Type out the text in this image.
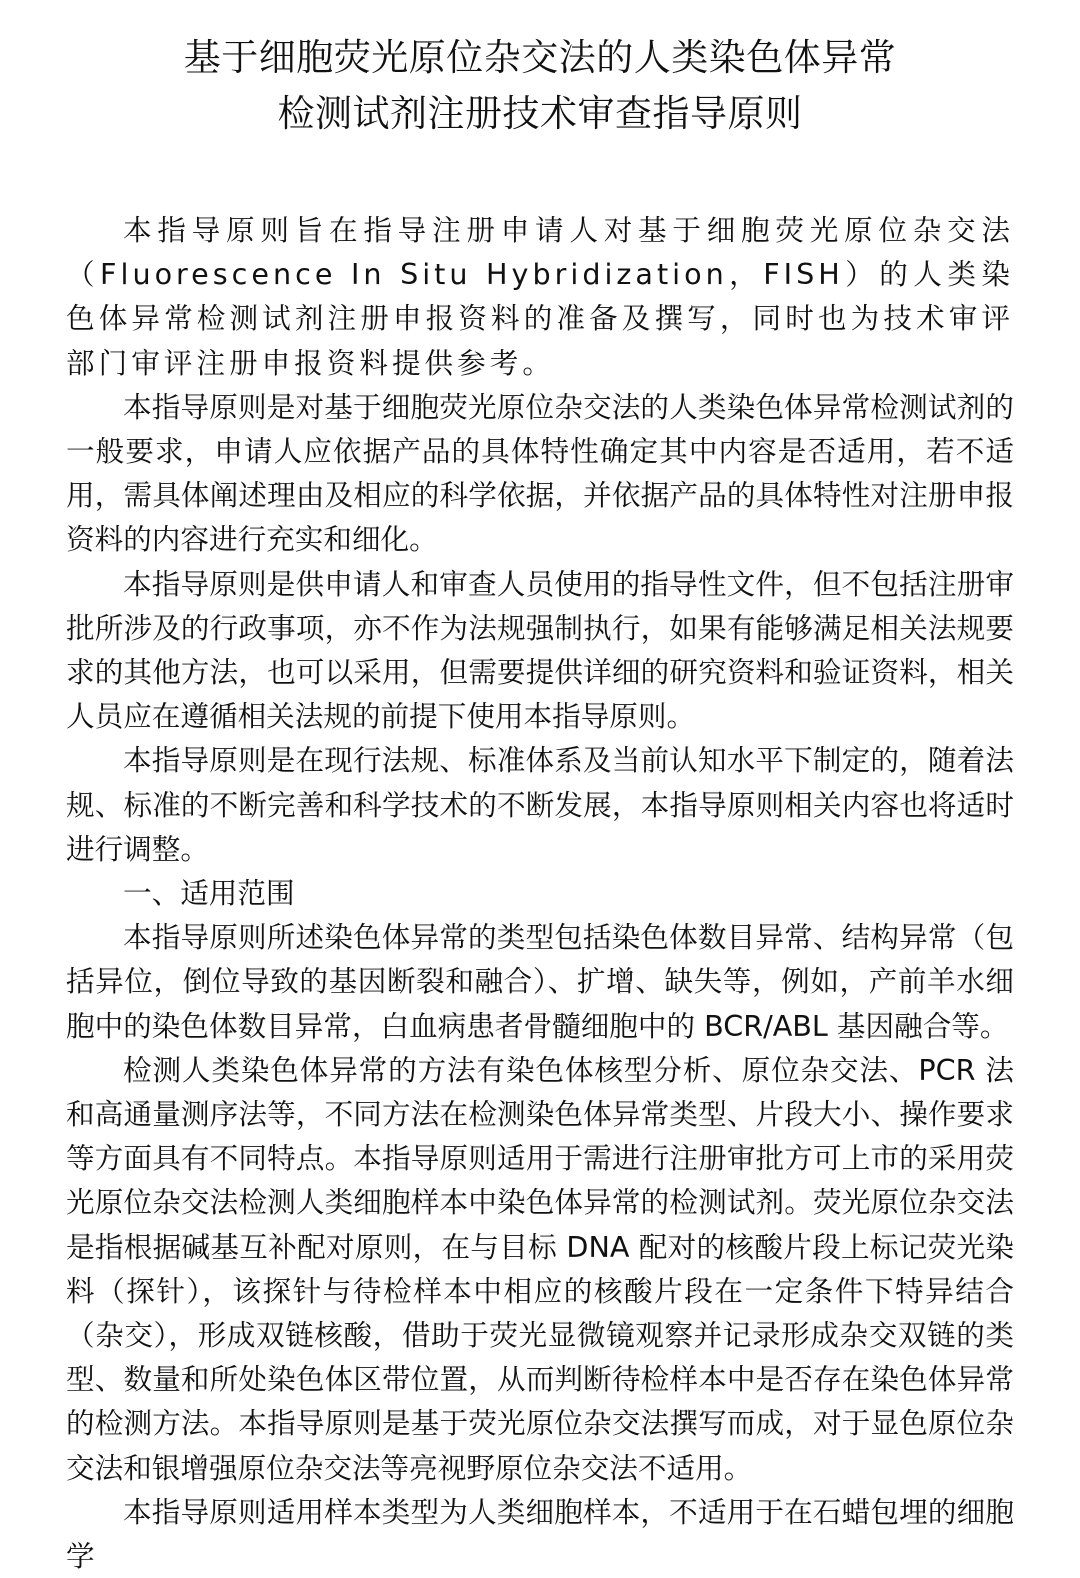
基于细胞荧光原位杂交法的人类染色体异常
检测试剂注册技术审查指导原则

本指导原则旨在指导注册申请人对基于细胞荧光原位杂交法（Fluorescence In Situ Hybridization，FISH）的人类染色体异常检测试剂注册申报资料的准备及撰写，同时也为技术审评部门审评注册申报资料提供参考。

本指导原则是对基于细胞荧光原位杂交法的人类染色体异常检测试剂的一般要求，申请人应依据产品的具体特性确定其中内容是否适用，若不适用，需具体阐述理由及相应的科学依据，并依据产品的具体特性对注册申报资料的内容进行充实和细化。

本指导原则是供申请人和审查人员使用的指导性文件，但不包括注册审批所涉及的行政事项，亦不作为法规强制执行，如果有能够满足相关法规要求的其他方法，也可以采用，但需要提供详细的研究资料和验证资料，相关人员应在遵循相关法规的前提下使用本指导原则。

本指导原则是在现行法规、标准体系及当前认知水平下制定的，随着法规、标准的不断完善和科学技术的不断发展，本指导原则相关内容也将适时进行调整。

一、适用范围

本指导原则所述染色体异常的类型包括染色体数目异常、结构异常（包括异位，倒位导致的基因断裂和融合）、扩增、缺失等，例如，产前羊水细胞中的染色体数目异常，白血病患者骨髓细胞中的 BCR/ABL 基因融合等。

检测人类染色体异常的方法有染色体核型分析、原位杂交法、PCR 法和高通量测序法等，不同方法在检测染色体异常类型、片段大小、操作要求等方面具有不同特点。本指导原则适用于需进行注册审批方可上市的采用荧光原位杂交法检测人类细胞样本中染色体异常的检测试剂。荧光原位杂交法是指根据碱基互补配对原则，在与目标 DNA 配对的核酸片段上标记荧光染料（探针），该探针与待检样本中相应的核酸片段在一定条件下特异结合（杂交），形成双链核酸，借助于荧光显微镜观察并记录形成杂交双链的类型、数量和所处染色体区带位置，从而判断待检样本中是否存在染色体异常的检测方法。本指导原则是基于荧光原位杂交法撰写而成，对于显色原位杂交法和银增强原位杂交法等亮视野原位杂交法不适用。

本指导原则适用样本类型为人类细胞样本，不适用于在石蜡包埋的细胞学
